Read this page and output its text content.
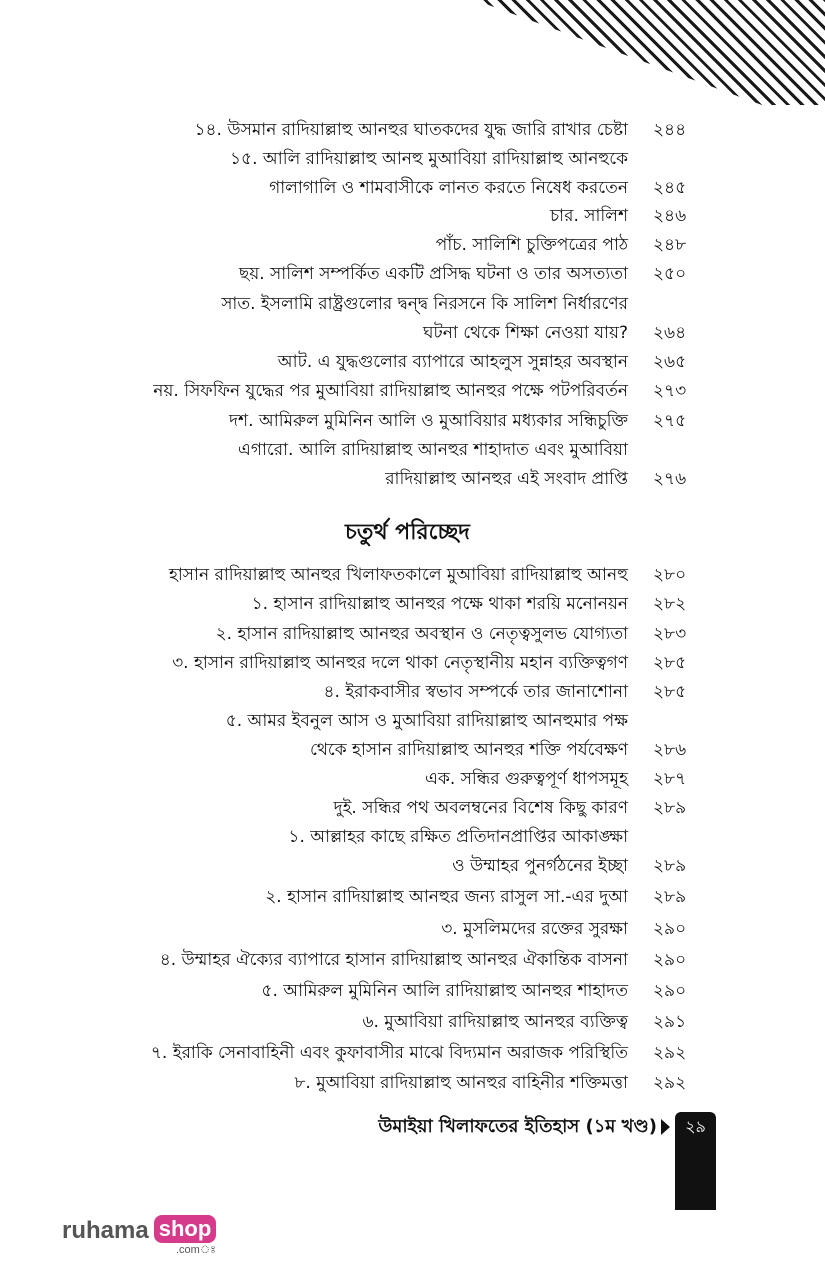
১৪. উসমান রাদিয়াল্লাহু আনহুর ঘাতকদের যুদ্ধ জারি রাখার চেষ্টা ২৪৪
১৫. আলি রাদিয়াল্লাহু আনহু মুআবিয়া রাদিয়াল্লাহু আনহুকে
গালাগালি ও শামবাসীকে লানত করতে নিষেধ করতেন ২৪৫
চার. সালিশ ২৪৬
পাঁচ. সালিশি চুক্তিপত্রের পাঠ ২৪৮
ছয়. সালিশ সম্পর্কিত একটি প্রসিদ্ধ ঘটনা ও তার অসত্যতা ২৫০
সাত. ইসলামি রাষ্ট্রগুলোর দ্বন্দ্ব নিরসনে কি সালিশ নির্ধারণের
ঘটনা থেকে শিক্ষা নেওয়া যায়? ২৬৪
আট. এ যুদ্ধগুলোর ব্যাপারে আহলুস সুন্নাহর অবস্থান ২৬৫
নয়. সিফফিন যুদ্ধের পর মুআবিয়া রাদিয়াল্লাহু আনহুর পক্ষে পটপরিবর্তন ২৭৩
দশ. আমিরুল মুমিনিন আলি ও মুআবিয়ার মধ্যকার সন্ধিচুক্তি ২৭৫
এগারো. আলি রাদিয়াল্লাহু আনহুর শাহাদাত এবং মুআবিয়া
রাদিয়াল্লাহু আনহুর এই সংবাদ প্রাপ্তি ২৭৬
হাসান রাদিয়াল্লাহু আনহুর খিলাফতকালে মুআবিয়া রাদিয়াল্লাহু আনহু ২৮০
১. হাসান রাদিয়াল্লাহু আনহুর পক্ষে থাকা শরয়ি মনোনয়ন ২৮২
২. হাসান রাদিয়াল্লাহু আনহুর অবস্থান ও নেতৃত্বসুলভ যোগ্যতা ২৮৩
৩. হাসান রাদিয়াল্লাহু আনহুর দলে থাকা নেতৃস্থানীয় মহান ব্যক্তিত্বগণ ২৮৫
৪. ইরাকবাসীর স্বভাব সম্পর্কে তার জানাশোনা ২৮৫
৫. আমর ইবনুল আস ও মুআবিয়া রাদিয়াল্লাহু আনহুমার পক্ষ
থেকে হাসান রাদিয়াল্লাহু আনহুর শক্তি পর্যবেক্ষণ ২৮৬
এক. সন্ধির গুরুত্বপূর্ণ ধাপসমূহ ২৮৭
দুই. সন্ধির পথ অবলম্বনের বিশেষ কিছু কারণ ২৮৯
১. আল্লাহর কাছে রক্ষিত প্রতিদানপ্রাপ্তির আকাঙ্ক্ষা
ও উম্মাহর পুনর্গঠনের ইচ্ছা ২৮৯
২. হাসান রাদিয়াল্লাহু আনহুর জন্য রাসুল সা.-এর দুআ ২৮৯
৩. মুসলিমদের রক্তের সুরক্ষা ২৯০
৪. উম্মাহর ঐক্যের ব্যাপারে হাসান রাদিয়াল্লাহু আনহুর ঐকান্তিক বাসনা ২৯০
৫. আমিরুল মুমিনিন আলি রাদিয়াল্লাহু আনহুর শাহাদত ২৯০
৬. মুআবিয়া রাদিয়াল্লাহু আনহুর ব্যক্তিত্ব ২৯১
৭. ইরাকি সেনাবাহিনী এবং কুফাবাসীর মাঝে বিদ্যমান অরাজক পরিস্থিতি ২৯২
৮. মুআবিয়া রাদিয়াল্লাহু আনহুর বাহিনীর শক্তিমত্তা ২৯২
চতুর্থ পরিচ্ছেদ
উমাইয়া খিলাফতের ইতিহাস (১ম খণ্ড)	২৯
ruhama shop
.comঃ
